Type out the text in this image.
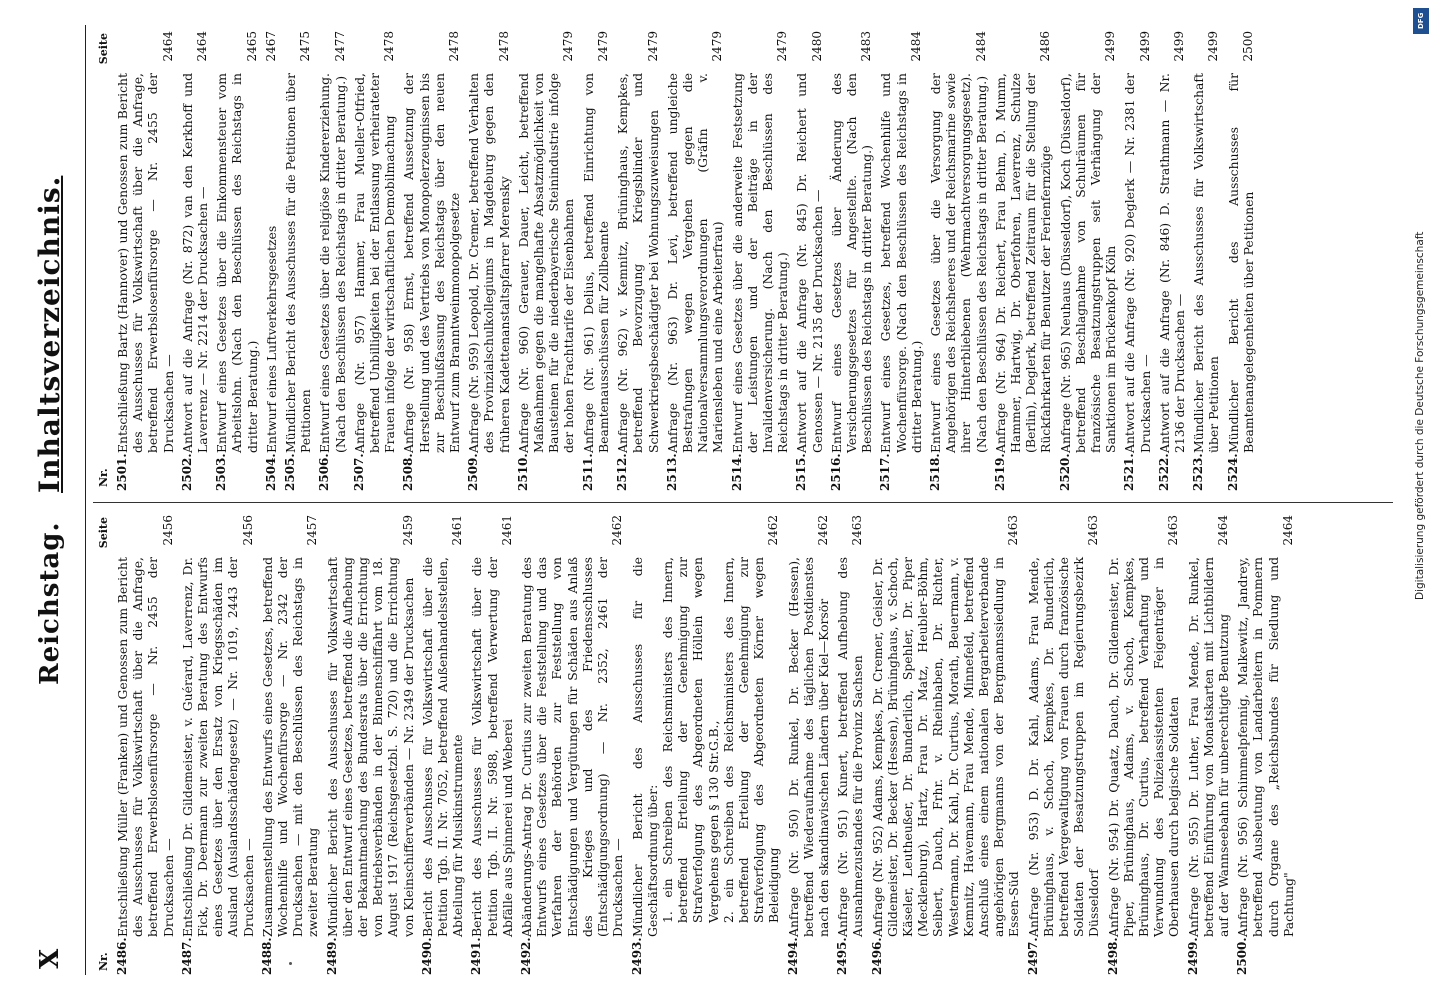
X
Reichstag.
Inhaltsverzeichnis.
Nr.
Seite
2486.
Entschließung Müller (Franken) und Genossen zum Bericht des Ausschusses für Volkswirtschaft über die Anfrage, betreffend Erwerbslosenfürsorge — Nr. 2455 der Drucksachen —
2456
2487.
Entschließung Dr. Gildemeister, v. Guérard, Laverrenz, Dr. Fick, Dr. Deermann zur zweiten Beratung des Entwurfs eines Gesetzes über den Ersatz von Kriegsschäden im Ausland (Auslandsschädengesetz) — Nr. 1019, 2443 der Drucksachen —
2456
2488.
Zusammenstellung des Entwurfs eines Gesetzes, betreffend Wochenhilfe und Wochenfürsorge — Nr. 2342 der Drucksachen — mit den Beschlüssen des Reichstags in zweiter Beratung
2457
2489.
Mündlicher Bericht des Ausschusses für Volkswirtschaft über den Entwurf eines Gesetzes, betreffend die Aufhebung der Bekanntmachung des Bundesrats über die Errichtung von Betriebsverbänden in der Binnenschiffahrt vom 18. August 1917 (Reichsgesetzbl. S. 720) und die Errichtung von Kleinschifferverbänden — Nr. 2349 der Drucksachen
2459
2490.
Bericht des Ausschusses für Volkswirtschaft über die Petition Tgb. II. Nr. 7052, betreffend Außenhandelsstellen, Abteilung für Musikinstrumente
2461
2491.
Bericht des Ausschusses für Volkswirtschaft über die Petition Tgb. II. Nr. 5988, betreffend Verwertung der Abfälle aus Spinnerei und Weberei
2461
2492.
Abänderungs-Antrag Dr. Curtius zur zweiten Beratung des Entwurfs eines Gesetzes über die Feststellung und das Verfahren der Behörden zur Feststellung von Entschädigungen und Vergütungen für Schäden aus Anlaß des Krieges und des Friedensschlusses (Entschädigungsordnung) — Nr. 2352, 2461 der Drucksachen —
2462
2493.
Mündlicher Bericht des Ausschusses für die Geschäftsordnung über: 1. ein Schreiben des Reichsministers des Innern, betreffend Erteilung der Genehmigung zur Strafverfolgung des Abgeordneten Höllein wegen Vergehens gegen § 130 Str.G.B., 2. ein Schreiben des Reichsministers des Innern, betreffend Erteilung der Genehmigung zur Strafverfolgung des Abgeordneten Körner wegen Beleidigung
2462
2494.
Anfrage (Nr. 950) Dr. Runkel, Dr. Becker (Hessen), betreffend Wiederaufnahme des täglichen Postdienstes nach den skandinavischen Ländern über Kiel—Korsör
2462
2495.
Anfrage (Nr. 951) Kunert, betreffend Aufhebung des Ausnahmezustandes für die Provinz Sachsen
2463
2496.
Anfrage (Nr. 952) Adams, Kempkes, Dr. Cremer, Geisler, Dr. Gildemeister, Dr. Becker (Hessen), Brüninghaus, v. Schoch, Käseler, Leutheußer, Dr. Bunderlich, Spehler, Dr. Piper (Mecklenburg), Hartz, Frau Dr. Matz, Heubler-Böhm, Seibert, Dauch, Frhr. v. Rheinbaben, Dr. Richter, Westermann, Dr. Kahl, Dr. Curtius, Morath, Beuermann, v. Kemnitz, Havemann, Frau Mende, Minnefeld, betreffend Anschluß eines einem nationalen Bergarbeiterverbande angehörigen Bergmanns von der Bergmannssiedlung in Essen-Süd
2463
2497.
Anfrage (Nr. 953) D. Dr. Kahl, Adams, Frau Mende, Brüninghaus, v. Schoch, Kempkes, Dr. Bunderlich, betreffend Vergewaltigung von Frauen durch französische Soldaten der Besatzungstruppen im Regierungsbezirk Düsseldorf
2463
2498.
Anfrage (Nr. 954) Dr. Quaatz, Dauch, Dr. Gildemeister, Dr. Piper, Brüninghaus, Adams, v. Schoch, Kempkes, Brüninghaus, Dr. Curtius, betreffend Verhaftung und Verwundung des Polizeiassistenten Feigenträger in Oberhausen durch belgische Soldaten
2463
2499.
Anfrage (Nr. 955) Dr. Luther, Frau Mende, Dr. Runkel, betreffend Einführung von Monatskarten mit Lichtbildern auf der Wannseebahn für unberechtigte Benutzung
2464
2500.
Anfrage (Nr. 956) Schimmelpfennig, Malkewitz, Jandrey, betreffend Ausbeutung von Landarbeitern in Pommern durch Organe des „Reichsbundes für Siedlung und Pachtung"
2464
Nr.
Seite
2501.
Entschließung Bartz (Hannover) und Genossen zum Bericht des Ausschusses für Volkswirtschaft über die Anfrage, betreffend Erwerbslosenfürsorge — Nr. 2455 der Drucksachen —
2464
2502.
Antwort auf die Anfrage (Nr. 872) van den Kerkhoff und Laverrenz — Nr. 2214 der Drucksachen —
2464
2503.
Entwurf eines Gesetzes über die Einkommensteuer vom Arbeitslohn. (Nach den Beschlüssen des Reichstags in dritter Beratung.)
2465
2504.
Entwurf eines Luftverkehrsgesetzes
2467
2505.
Mündlicher Bericht des Ausschusses für die Petitionen über Petitionen
2475
2506.
Entwurf eines Gesetzes über die religiöse Kindererziehung. (Nach den Beschlüssen des Reichstags in dritter Beratung.)
2477
2507.
Anfrage (Nr. 957) Hammer, Frau Mueller-Otfried, betreffend Unbilligkeiten bei der Entlassung verheirateter Frauen infolge der wirtschaftlichen Demobilmachung
2478
2508.
Anfrage (Nr. 958) Ernst, betreffend Aussetzung der Herstellung und des Vertriebs von Monopolerzeugnissen bis zur Beschlußfassung des Reichstags über den neuen Entwurf zum Branntweinmonopolgesetze
2478
2509.
Anfrage (Nr. 959) Leopold, Dr. Cremer, betreffend Verhalten des Provinzialschulkollegiums in Magdeburg gegen den früheren Kadettenanstaltspfarrer Merensky
2478
2510.
Anfrage (Nr. 960) Gerauer, Dauer, Leicht, betreffend Maßnahmen gegen die mangelhafte Absatzmöglichkeit von Bausteinen für die niederbayerische Steinindustrie infolge der hohen Frachttarife der Eisenbahnen
2479
2511.
Anfrage (Nr. 961) Delius, betreffend Einrichtung von Beamtenausschüssen für Zollbeamte
2479
2512.
Anfrage (Nr. 962) v. Kemnitz, Brüninghaus, Kempkes, betreffend Bevorzugung Kriegsblinder und Schwerkriegsbeschädigter bei Wohnungszuweisungen
2479
2513.
Anfrage (Nr. 963) Dr. Levi, betreffend ungleiche Bestrafungen wegen Vergehen gegen die Nationalversammlungsverordnungen (Gräfin v. Mariensleben und eine Arbeiterfrau)
2479
2514.
Entwurf eines Gesetzes über die anderweite Festsetzung der Leistungen und der Beiträge in der Invalidenversicherung. (Nach den Beschlüssen des Reichstags in dritter Beratung.)
2479
2515.
Antwort auf die Anfrage (Nr. 845) Dr. Reichert und Genossen — Nr. 2135 der Drucksachen —
2480
2516.
Entwurf eines Gesetzes über Änderung des Versicherungsgesetzes für Angestellte. (Nach den Beschlüssen des Reichstags in dritter Beratung.)
2483
2517.
Entwurf eines Gesetzes, betreffend Wochenhilfe und Wochenfürsorge. (Nach den Beschlüssen des Reichstags in dritter Beratung.)
2484
2518.
Entwurf eines Gesetzes über die Versorgung der Angehörigen des Reichsheeres und der Reichsmarine sowie ihrer Hinterbliebenen (Wehrmachtversorgungsgesetz). (Nach den Beschlüssen des Reichstags in dritter Beratung.)
2484
2519.
Anfrage (Nr. 964) Dr. Reichert, Frau Behm, D. Mumm, Hammer, Hartwig, Dr. Oberfohren, Laverrenz, Schulze (Berlin), Deglerk, betreffend Zeitraum für die Stellung der Rückfahrkarten für Benutzer der Ferienfernzüge
2486
2520.
Anfrage (Nr. 965) Neuhaus (Düsseldorf), Koch (Düsseldorf), betreffend Beschlagnahme von Schulräumen für französische Besatzungstruppen seit Verhängung der Sanktionen im Brückenkopf Köln
2499
2521.
Antwort auf die Anfrage (Nr. 920) Deglerk — Nr. 2381 der Drucksachen —
2499
2522.
Antwort auf die Anfrage (Nr. 846) D. Strathmann — Nr. 2136 der Drucksachen —
2499
2523.
Mündlicher Bericht des Ausschusses für Volkswirtschaft über Petitionen
2499
2524.
Mündlicher Bericht des Ausschusses für Beamtenangelegenheiten über Petitionen
2500
DFG
Digitalisierung gefördert durch die Deutsche Forschungsgemeinschaft
